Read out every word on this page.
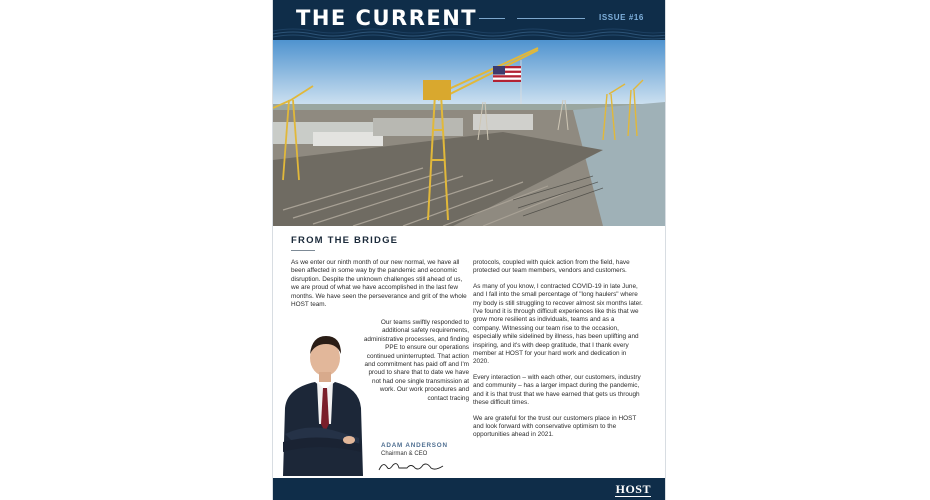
THE CURRENT	ISSUE #16
FROM THE BRIDGE

As we enter our ninth month of our new normal, we have all been affected in some way by the pandemic and economic disruption. Despite the unknown challenges still ahead of us, we are proud of what we have accomplished in the last few months. We have seen the perseverance and grit of the whole HOST team.

Our teams swiftly responded to additional safety requirements, administrative processes, and finding PPE to ensure our operations continued uninterrupted. That action and commitment has paid off and I'm proud to share that to date we have not had one single transmission at work. Our work procedures and contact tracing

ADAM ANDERSON
Chairman & CEO

protocols, coupled with quick action from the field, have protected our team members, vendors and customers.

As many of you know, I contracted COVID-19 in late June, and I fall into the small percentage of "long haulers" where my body is still struggling to recover almost six months later. I've found it is through difficult experiences like this that we grow more resilient as individuals, teams and as a company. Witnessing our team rise to the occasion, especially while sidelined by illness, has been uplifting and inspiring, and it's with deep gratitude, that I thank every member at HOST for your hard work and dedication in 2020.

Every interaction – with each other, our customers, industry and community – has a larger impact during the pandemic, and it is that trust that we have earned that gets us through these difficult times.

We are grateful for the trust our customers place in HOST and look forward with conservative optimism to the opportunities ahead in 2021.

HOST
